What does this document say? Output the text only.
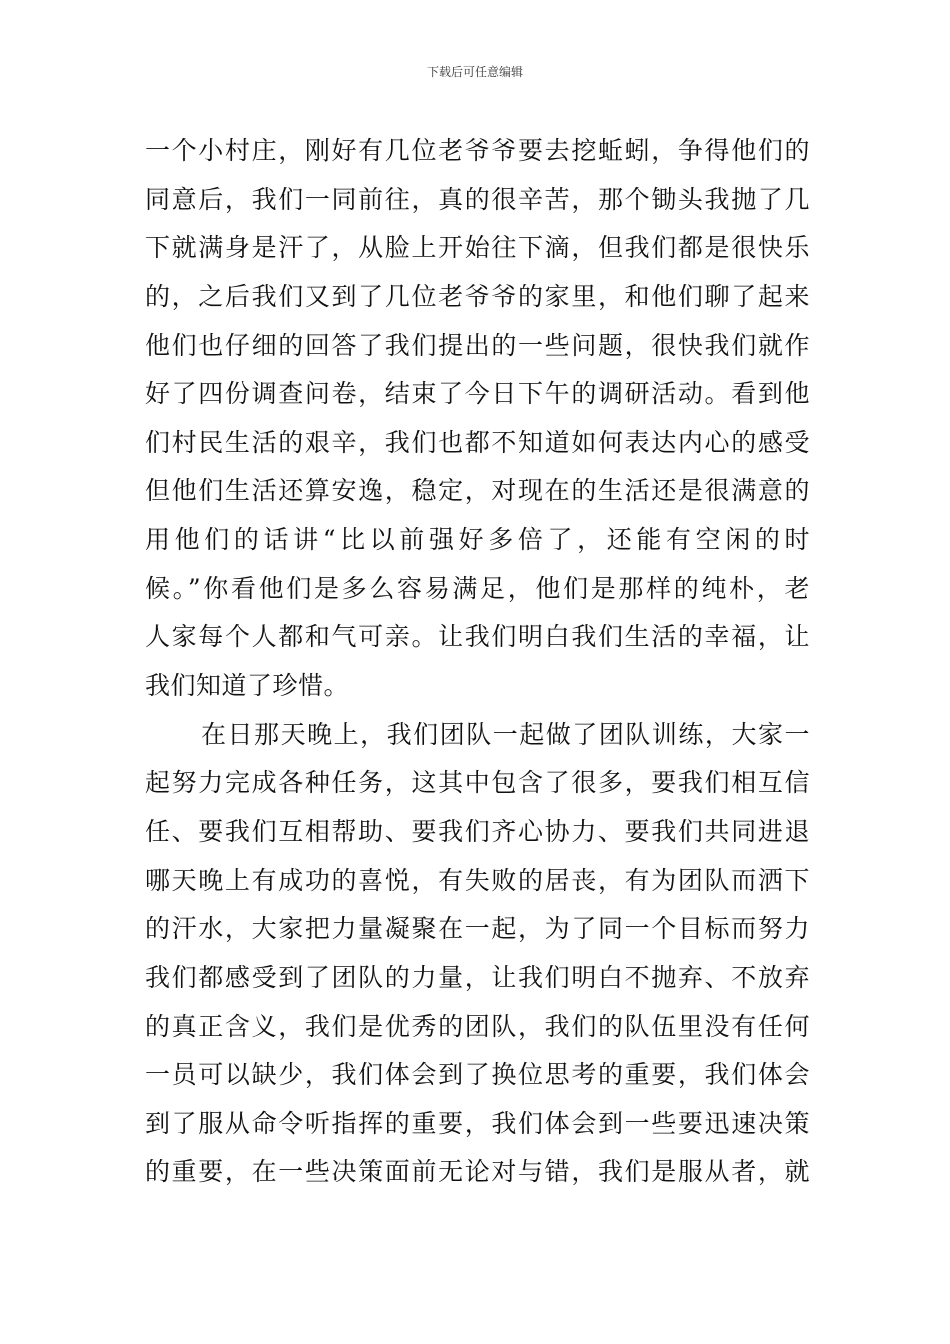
下载后可任意编辑
一个小村庄，刚好有几位老爷爷要去挖蚯蚓，争得他们的
同意后，我们一同前往，真的很辛苦，那个锄头我抛了几
下就满身是汗了，从脸上开始往下滴，但我们都是很快乐
的，之后我们又到了几位老爷爷的家里，和他们聊了起来
他们也仔细的回答了我们提出的一些问题，很快我们就作
好了四份调查问卷，结束了今日下午的调研活动。看到他
们村民生活的艰辛，我们也都不知道如何表达内心的感受
但他们生活还算安逸，稳定，对现在的生活还是很满意的
用他们的话讲“比以前强好多倍了，还能有空闲的时
候。”你看他们是多么容易满足，他们是那样的纯朴，老
人家每个人都和气可亲。让我们明白我们生活的幸福，让
我们知道了珍惜。
在日那天晚上，我们团队一起做了团队训练，大家一
起努力完成各种任务，这其中包含了很多，要我们相互信
任、要我们互相帮助、要我们齐心协力、要我们共同进退
哪天晚上有成功的喜悦，有失败的居丧，有为团队而洒下
的汗水，大家把力量凝聚在一起，为了同一个目标而努力
我们都感受到了团队的力量，让我们明白不抛弃、不放弃
的真正含义，我们是优秀的团队，我们的队伍里没有任何
一员可以缺少，我们体会到了换位思考的重要，我们体会
到了服从命令听指挥的重要，我们体会到一些要迅速决策
的重要，在一些决策面前无论对与错，我们是服从者，就
